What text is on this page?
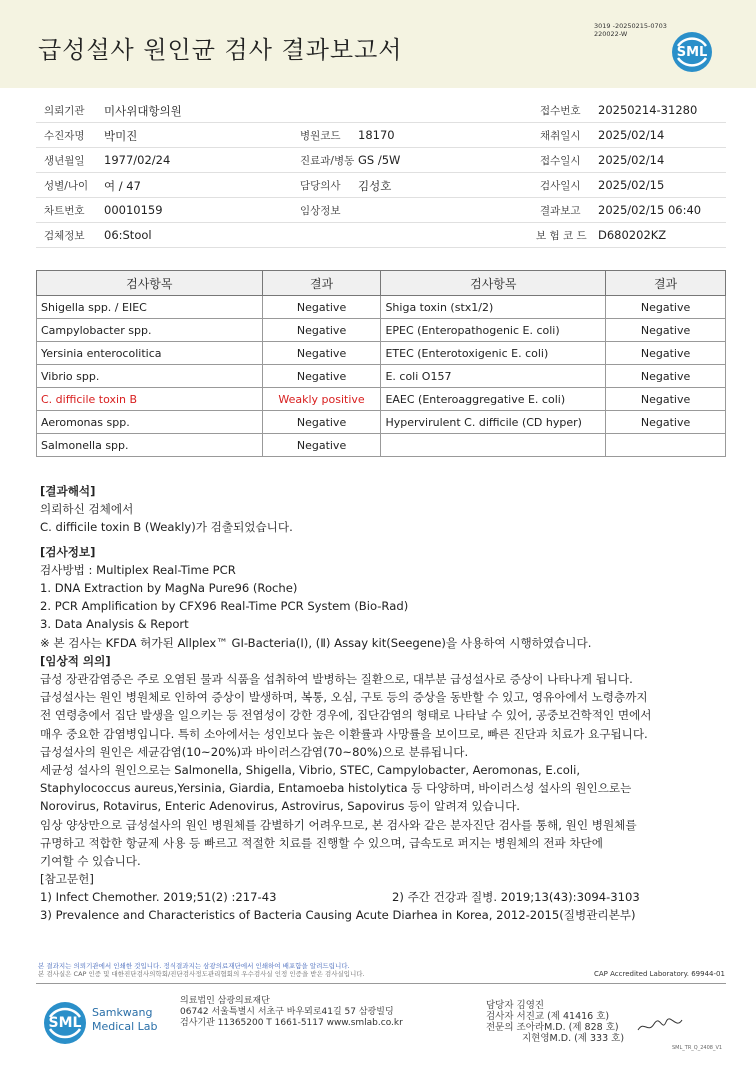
급성설사 원인균 검사 결과보고서
3019 -20250215-0703
220022-W
SML
의뢰기관 미사위대항의원	접수번호 20250214-31280
수진자명 박미진	병원코드 18170	채취일시 2025/02/14
생년월일 1977/02/24	진료과/병동 GS /5W	접수일시 2025/02/14
성별/나이 여 / 47	담당의사 김성호	검사일시 2025/02/15
차트번호 00010159	임상정보	결과보고 2025/02/15 06:40
검체정보 06:Stool	보 험 코 드 D680202KZ
검사항목	결과	검사항목	결과
Shigella spp. / EIEC	Negative	Shiga toxin (stx1/2)	Negative
Campylobacter spp.	Negative	EPEC (Enteropathogenic E. coli)	Negative
Yersinia enterocolitica	Negative	ETEC (Enterotoxigenic E. coli)	Negative
Vibrio spp.	Negative	E. coli O157	Negative
C. difficile toxin B	Weakly positive	EAEC (Enteroaggregative E. coli)	Negative
Aeromonas spp.	Negative	Hypervirulent C. difficile (CD hyper)	Negative
Salmonella spp.	Negative		
[결과해석]
의뢰하신 검체에서
C. difficile toxin B (Weakly)가 검출되었습니다.
[검사정보]
검사방법 : Multiplex Real-Time PCR
1. DNA Extraction by MagNa Pure96 (Roche)
2. PCR Amplification by CFX96 Real-Time PCR System (Bio-Rad)
3. Data Analysis & Report
※ 본 검사는 KFDA 허가된 Allplex™ GI-Bacteria(Ⅰ), (Ⅱ) Assay kit(Seegene)을 사용하여 시행하였습니다.
[임상적 의의]
급성 장관감염증은 주로 오염된 물과 식품을 섭취하여 발병하는 질환으로, 대부분 급성설사로 증상이 나타나게 됩니다.
급성설사는 원인 병원체로 인하여 증상이 발생하며, 복통, 오심, 구토 등의 증상을 동반할 수 있고, 영유아에서 노령층까지
전 연령층에서 집단 발생을 일으키는 등 전염성이 강한 경우에, 집단감염의 형태로 나타날 수 있어, 공중보건학적인 면에서
매우 중요한 감염병입니다. 특히 소아에서는 성인보다 높은 이환률과 사망률을 보이므로, 빠른 진단과 치료가 요구됩니다.
급성설사의 원인은 세균감염(10~20%)과 바이러스감염(70~80%)으로 분류됩니다.
세균성 설사의 원인으로는 Salmonella, Shigella, Vibrio, STEC, Campylobacter, Aeromonas, E.coli,
Staphylococcus aureus,Yersinia, Giardia, Entamoeba histolytica 등 다양하며, 바이러스성 설사의 원인으로는
Norovirus, Rotavirus, Enteric Adenovirus, Astrovirus, Sapovirus 등이 알려져 있습니다.
임상 양상만으로 급성설사의 원인 병원체를 감별하기 어려우므로, 본 검사와 같은 분자진단 검사를 통해, 원인 병원체를
규명하고 적합한 항균제 사용 등 빠르고 적절한 치료를 진행할 수 있으며, 급속도로 퍼지는 병원체의 전파 차단에
기여할 수 있습니다.
[참고문헌]
1) Infect Chemother. 2019;51(2) :217-43	2) 주간 건강과 질병. 2019;13(43):3094-3103
3) Prevalence and Characteristics of Bacteria Causing Acute Diarhea in Korea, 2012-2015(질병관리본부)
본 결과지는 의뢰기관에서 인쇄한 것입니다. 정식결과지는 삼광의료재단에서 인쇄하여 배포함을 알려드립니다.
본 검사실은 CAP 인증 및 대한진단검사의학회/진단검사정도관리협회의 우수검사실 인정 인증을 받은 검사실입니다.	CAP Accredited Laboratory. 69944-01
SML
Samkwang
Medical Lab
의료법인 삼광의료재단
06742 서울특별시 서초구 바우뫼로41길 57 삼광빌딩
검사기관 11365200 T 1661-5117 www.smlab.co.kr
담당자 김영진
검사자 서진교 (제 41416 호)
전문의 조아라M.D. (제 828 호)
지현영M.D. (제 333 호)
SML_TR_Q_2408_V1
